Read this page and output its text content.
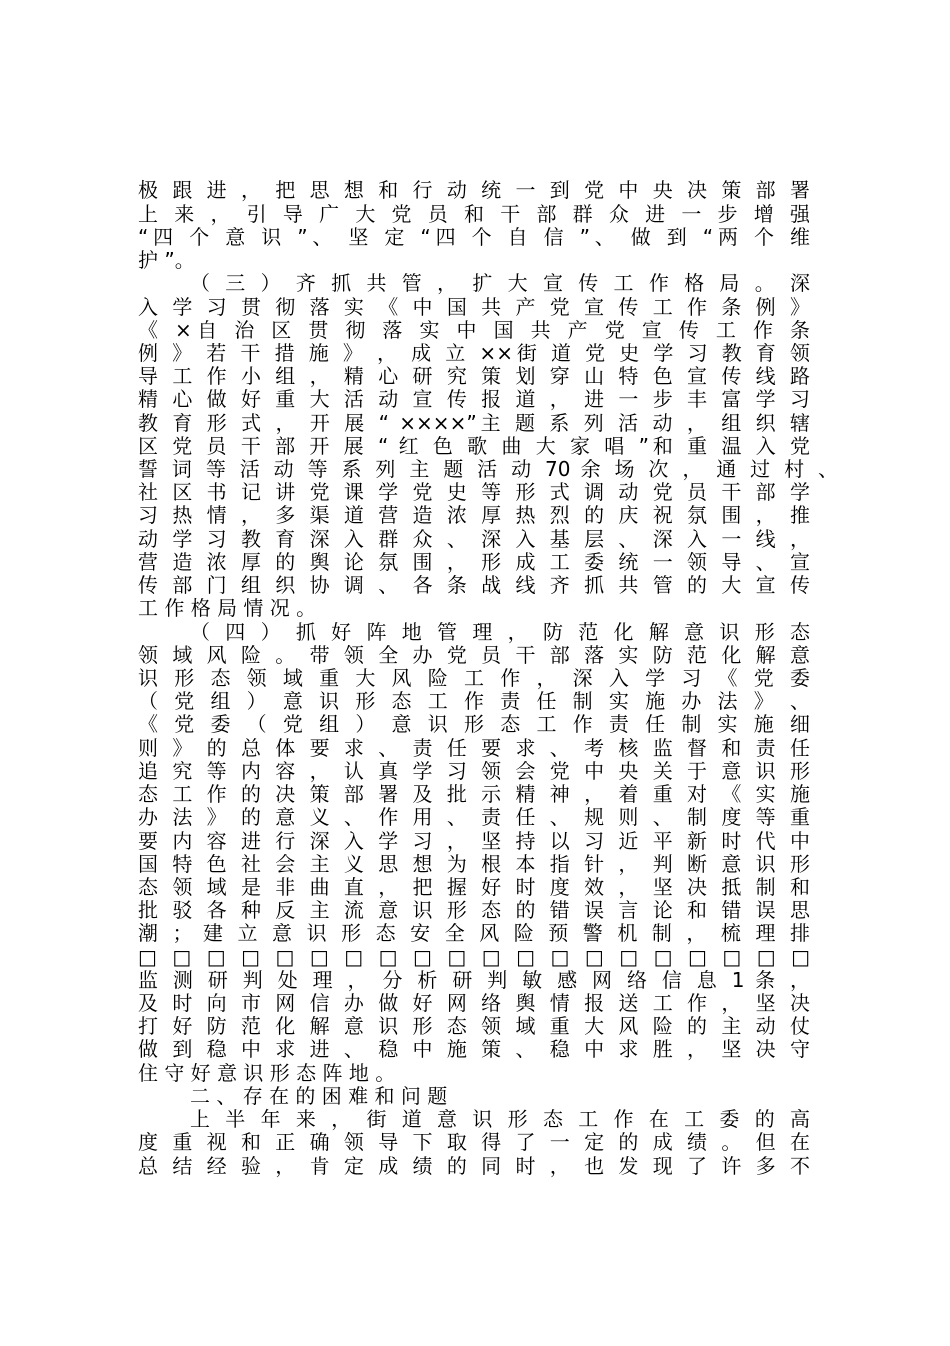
极 跟 进 ， 把 思 想 和 行 动 统 一 到 党 中 央 决 策 部 署
上 来 ， 引 导 广 大 党 员 和 干 部 群 众 进 一 步 增 强
“四 个 意 识 ”、 坚 定 “四 个 自 信 ”、 做 到 “两 个 维
护 ”。
（ 三 ） 齐 抓 共 管 ， 扩 大 宣 传 工 作 格 局 。 深
入 学 习 贯 彻 落 实 《 中 国 共 产 党 宣 传 工 作 条 例 》
《 ×自 治 区 贯 彻 落 实 中 国 共 产 党 宣 传 工 作 条
例 》 若 干 措 施 》 ， 成 立 ××街 道 党 史 学 习 教 育 领
导 工 作 小 组 ， 精 心 研 究 策 划 穿 山 特 色 宣 传 线 路
精 心 做 好 重 大 活 动 宣 传 报 道 ， 进 一 步 丰 富 学 习
教 育 形 式 ， 开 展 “ ××××”主 题 系 列 活 动 ， 组 织 辖
区 党 员 干 部 开 展 “ 红 色 歌 曲 大 家 唱 ”和 重 温 入 党
誓 词 等 活 动 等 系 列 主 题 活 动 70 余 场 次 ， 通 过 村 、
社 区 书 记 讲 党 课 学 党 史 等 形 式 调 动 党 员 干 部 学
习 热 情 ， 多 渠 道 营 造 浓 厚 热 烈 的 庆 祝 氛 围 ， 推
动 学 习 教 育 深 入 群 众 、 深 入 基 层 、 深 入 一 线 ，
营 造 浓 厚 的 舆 论 氛 围 ， 形 成 工 委 统 一 领 导 、 宣
传 部 门 组 织 协 调 、 各 条 战 线 齐 抓 共 管 的 大 宣 传
工 作 格 局 情 况 。
（ 四 ） 抓 好 阵 地 管 理 ， 防 范 化 解 意 识 形 态
领 域 风 险 。 带 领 全 办 党 员 干 部 落 实 防 范 化 解 意
识 形 态 领 域 重 大 风 险 工 作 ， 深 入 学 习 《 党 委
（ 党 组 ） 意 识 形 态 工 作 责 任 制 实 施 办 法 》 、
《 党 委 （ 党 组 ） 意 识 形 态 工 作 责 任 制 实 施 细
则 》 的 总 体 要 求 、 责 任 要 求 、 考 核 监 督 和 责 任
追 究 等 内 容 ， 认 真 学 习 领 会 党 中 央 关 于 意 识 形
态 工 作 的 决 策 部 署 及 批 示 精 神 ， 着 重 对 《 实 施
办 法 》 的 意 义 、 作 用 、 责 任 、 规 则 、 制 度 等 重
要 内 容 进 行 深 入 学 习 ， 坚 持 以 习 近 平 新 时 代 中
国 特 色 社 会 主 义 思 想 为 根 本 指 针 ， 判 断 意 识 形
态 领 域 是 非 曲 直 ， 把 握 好 时 度 效 ， 坚 决 抵 制 和
批 驳 各 种 反 主 流 意 识 形 态 的 错 误 言 论 和 错 误 思
潮 ； 建 立 意 识 形 态 安 全 风 险 预 警 机 制 ， 梳 理 排
□ □ □ □ □ □ □ □ □ □ □ □ □ □ □ □ □ □ □ □
监 测 研 判 处 理 ， 分 析 研 判 敏 感 网 络 信 息 1 条 ，
及 时 向 市 网 信 办 做 好 网 络 舆 情 报 送 工 作 ， 坚 决
打 好 防 范 化 解 意 识 形 态 领 域 重 大 风 险 的 主 动 仗
做 到 稳 中 求 进 、 稳 中 施 策 、 稳 中 求 胜 ， 坚 决 守
住 守 好 意 识 形 态 阵 地 。
二 、 存 在 的 困 难 和 问 题
上 半 年 来 ， 街 道 意 识 形 态 工 作 在 工 委 的 高
度 重 视 和 正 确 领 导 下 取 得 了 一 定 的 成 绩 。 但 在
总 结 经 验 ， 肯 定 成 绩 的 同 时 ， 也 发 现 了 许 多 不
